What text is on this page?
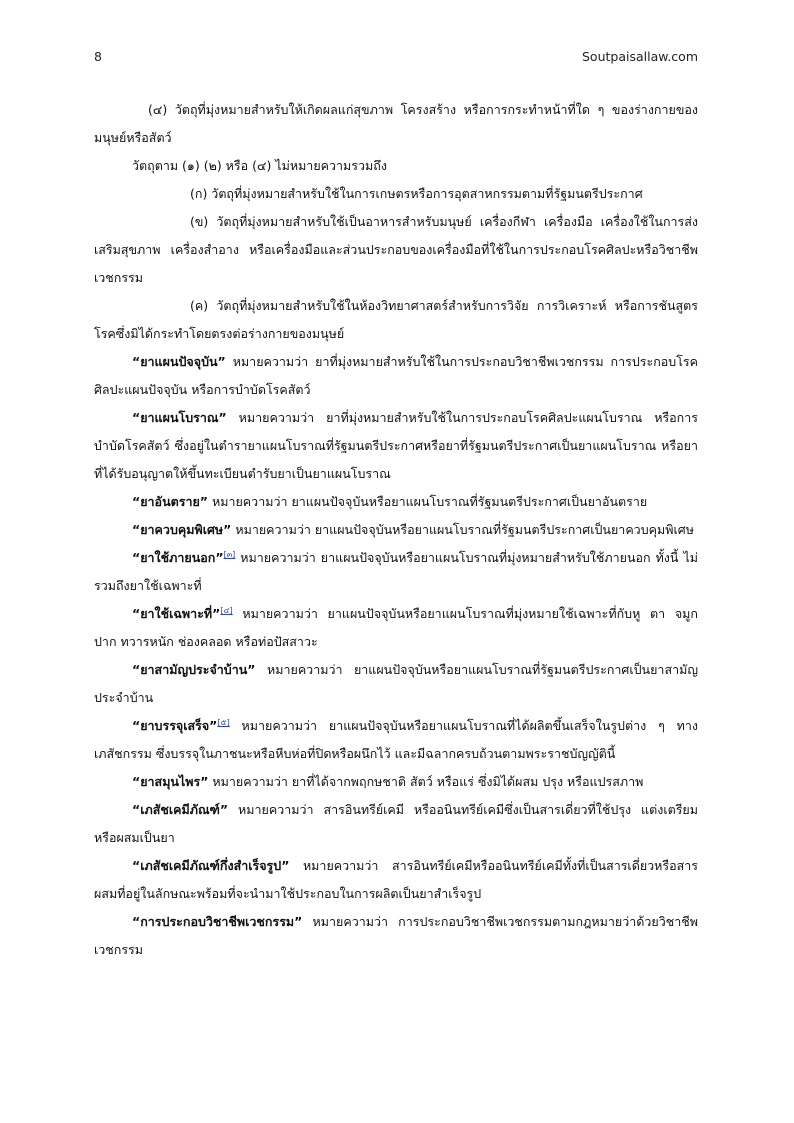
8	Soutpaisallaw.com

(๔) วัตถุที่มุ่งหมายสำหรับให้เกิดผลแก่สุขภาพ โครงสร้าง หรือการกระทำหน้าที่ใด ๆ ของร่างกายของมนุษย์หรือสัตว์

วัตถุตาม (๑) (๒) หรือ (๔) ไม่หมายความรวมถึง

(ก) วัตถุที่มุ่งหมายสำหรับใช้ในการเกษตรหรือการอุตสาหกรรมตามที่รัฐมนตรีประกาศ

(ข) วัตถุที่มุ่งหมายสำหรับใช้เป็นอาหารสำหรับมนุษย์ เครื่องกีฬา เครื่องมือ เครื่องใช้ในการส่งเสริมสุขภาพ เครื่องสำอาง หรือเครื่องมือและส่วนประกอบของเครื่องมือที่ใช้ในการประกอบโรคศิลปะหรือวิชาชีพเวชกรรม

(ค) วัตถุที่มุ่งหมายสำหรับใช้ในห้องวิทยาศาสตร์สำหรับการวิจัย การวิเคราะห์ หรือการชันสูตรโรคซึ่งมิได้กระทำโดยตรงต่อร่างกายของมนุษย์

“ยาแผนปัจจุบัน” หมายความว่า ยาที่มุ่งหมายสำหรับใช้ในการประกอบวิชาชีพเวชกรรม การประกอบโรคศิลปะแผนปัจจุบัน หรือการบำบัดโรคสัตว์

“ยาแผนโบราณ” หมายความว่า ยาที่มุ่งหมายสำหรับใช้ในการประกอบโรคศิลปะแผนโบราณ หรือการบำบัดโรคสัตว์ ซึ่งอยู่ในตำรายาแผนโบราณที่รัฐมนตรีประกาศหรือยาที่รัฐมนตรีประกาศเป็นยาแผนโบราณ หรือยาที่ได้รับอนุญาตให้ขึ้นทะเบียนตำรับยาเป็นยาแผนโบราณ

“ยาอันตราย” หมายความว่า ยาแผนปัจจุบันหรือยาแผนโบราณที่รัฐมนตรีประกาศเป็นยาอันตราย

“ยาควบคุมพิเศษ” หมายความว่า ยาแผนปัจจุบันหรือยาแผนโบราณที่รัฐมนตรีประกาศเป็นยาควบคุมพิเศษ

“ยาใช้ภายนอก”[๓] หมายความว่า ยาแผนปัจจุบันหรือยาแผนโบราณที่มุ่งหมายสำหรับใช้ภายนอก ทั้งนี้ ไม่รวมถึงยาใช้เฉพาะที่

“ยาใช้เฉพาะที่”[๔] หมายความว่า ยาแผนปัจจุบันหรือยาแผนโบราณที่มุ่งหมายใช้เฉพาะที่กับหู ตา จมูก ปาก ทวารหนัก ช่องคลอด หรือท่อปัสสาวะ

“ยาสามัญประจำบ้าน” หมายความว่า ยาแผนปัจจุบันหรือยาแผนโบราณที่รัฐมนตรีประกาศเป็นยาสามัญประจำบ้าน

“ยาบรรจุเสร็จ”[๕] หมายความว่า ยาแผนปัจจุบันหรือยาแผนโบราณที่ได้ผลิตขึ้นเสร็จในรูปต่าง ๆ ทางเภสัชกรรม ซึ่งบรรจุในภาชนะหรือหีบห่อที่ปิดหรือผนึกไว้ และมีฉลากครบถ้วนตามพระราชบัญญัตินี้

“ยาสมุนไพร” หมายความว่า ยาที่ได้จากพฤกษชาติ สัตว์ หรือแร่ ซึ่งมิได้ผสม ปรุง หรือแปรสภาพ

“เภสัชเคมีภัณฑ์” หมายความว่า สารอินทรีย์เคมี หรืออนินทรีย์เคมีซึ่งเป็นสารเดี่ยวที่ใช้ปรุง แต่งเตรียม หรือผสมเป็นยา

“เภสัชเคมีภัณฑ์กึ่งสำเร็จรูป” หมายความว่า สารอินทรีย์เคมีหรืออนินทรีย์เคมีทั้งที่เป็นสารเดี่ยวหรือสารผสมที่อยู่ในลักษณะพร้อมที่จะนำมาใช้ประกอบในการผลิตเป็นยาสำเร็จรูป

“การประกอบวิชาชีพเวชกรรม” หมายความว่า การประกอบวิชาชีพเวชกรรมตามกฎหมายว่าด้วยวิชาชีพเวชกรรม
